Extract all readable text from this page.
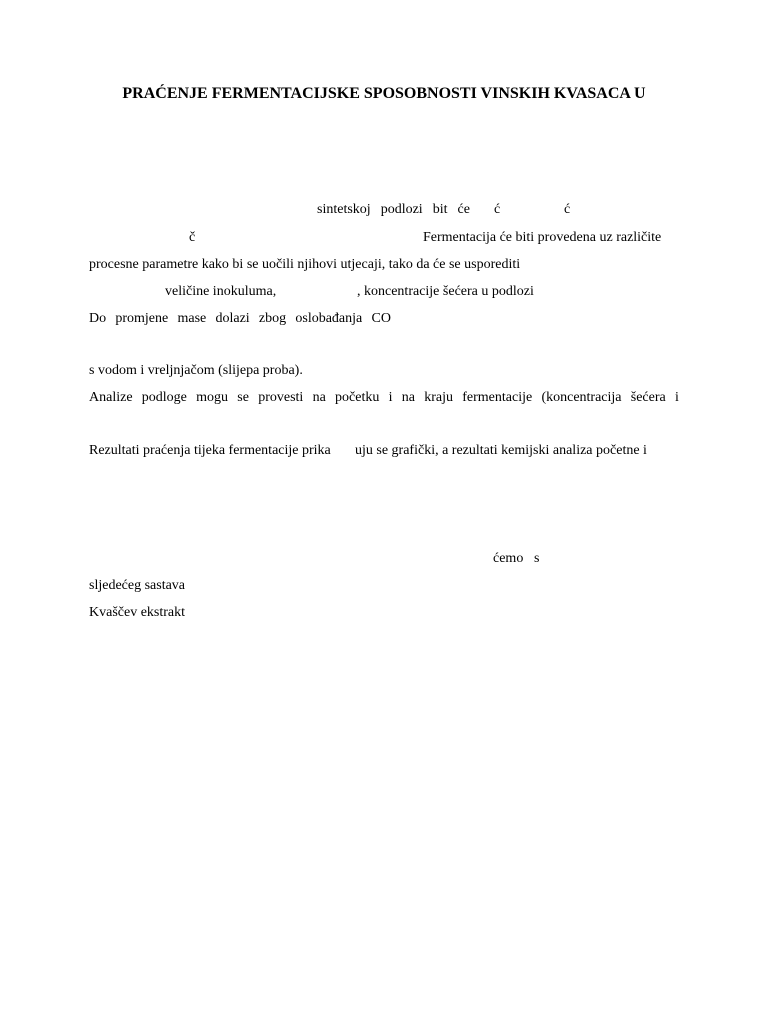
PRAĆENJE FERMENTACIJSKE SPOSOBNOSTI VINSKIH KVASACA U
sintetskoj podlozi bit će ć	ć
č	Fermentacija će biti provedena uz različite
procesne parametre kako bi se uočili njihovi utjecaji, tako da će se usporediti
veličine inokuluma,	, koncentracije šećera u podlozi
Do promjene mase dolazi zbog oslobađanja CO
s vodom i vreljnjačom (slijepa proba).
Analize podloge mogu se provesti na početku i na kraju fermentacije (koncentracija šećera i
Rezultati praćenja tijeka fermentacije prika uju se grafički, a rezultati kemijski analiza početne i
ćemo s
sljedećeg sastava
Kvaščev ekstrakt
